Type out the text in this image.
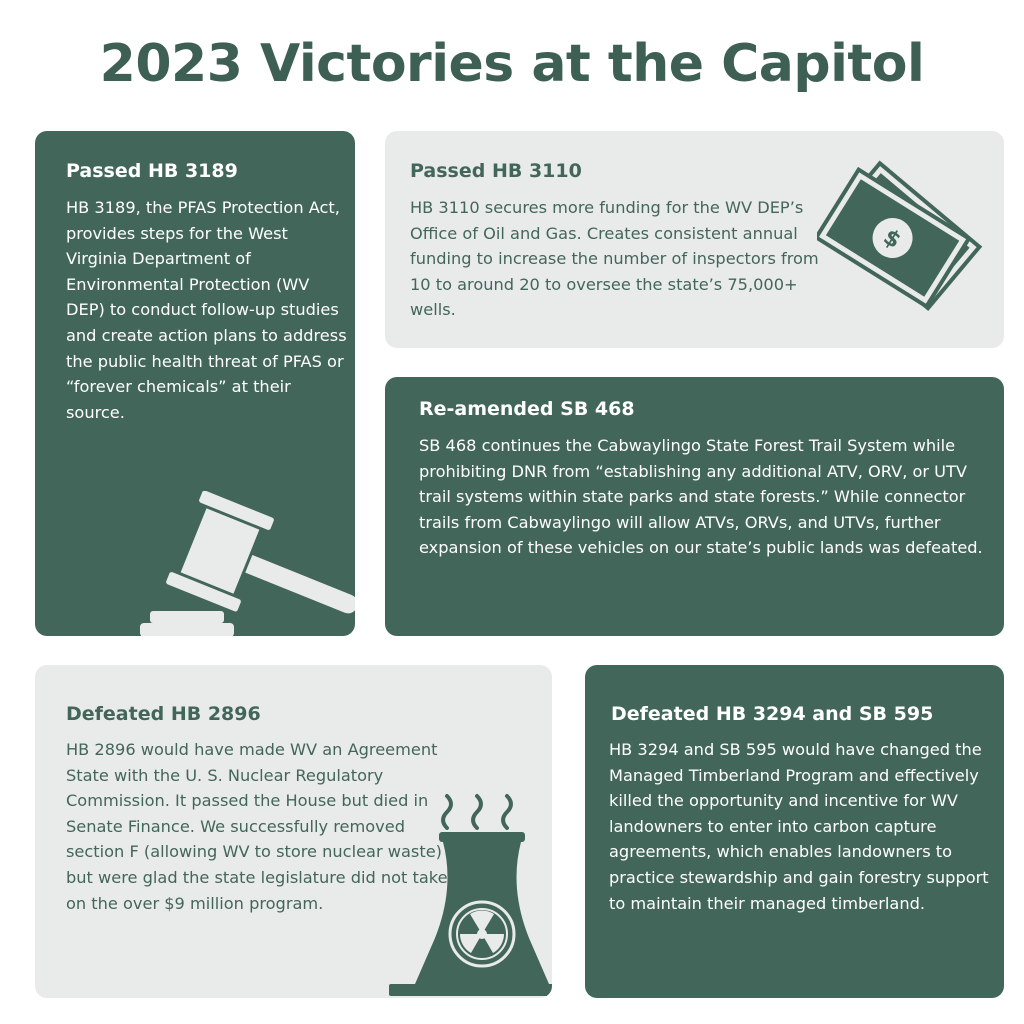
2023 Victories at the Capitol
Passed HB 3189

HB 3189, the PFAS Protection Act, provides steps for the West Virginia Department of Environmental Protection (WV DEP) to conduct follow-up studies and create action plans to address the public health threat of PFAS or “forever chemicals” at their source.

Passed HB 3110

HB 3110 secures more funding for the WV DEP’s Office of Oil and Gas. Creates consistent annual funding to increase the number of inspectors from 10 to around 20 to oversee the state’s 75,000+ wells.

$
Re-amended SB 468

SB 468 continues the Cabwaylingo State Forest Trail System while prohibiting DNR from “establishing any additional ATV, ORV, or UTV trail systems within state parks and state forests.” While connector trails from Cabwaylingo will allow ATVs, ORVs, and UTVs, further expansion of these vehicles on our state’s public lands was defeated.

Defeated HB 2896

HB 2896 would have made WV an Agreement State with the U. S. Nuclear Regulatory Commission. It passed the House but died in Senate Finance. We successfully removed section F (allowing WV to store nuclear waste) but were glad the state legislature did not take on the over $9 million program.

Defeated HB 3294 and SB 595

HB 3294 and SB 595 would have changed the Managed Timberland Program and effectively killed the opportunity and incentive for WV landowners to enter into carbon capture agreements, which enables landowners to practice stewardship and gain forestry support to maintain their managed timberland.
